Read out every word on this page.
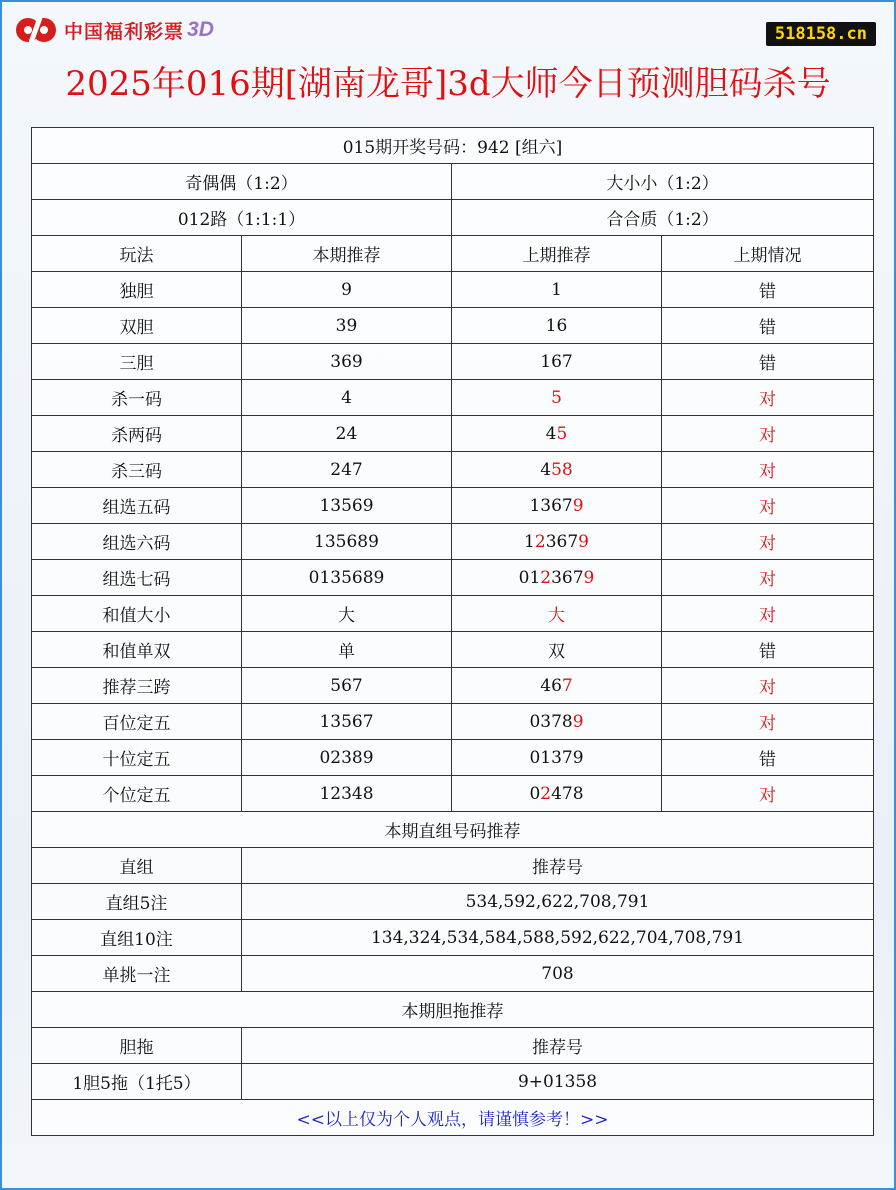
中国福利彩票 3D	518158.cn
2025年016期[湖南龙哥]3d大师今日预测胆码杀号
015期开奖号码：942 [组六]			
奇偶偶（1:2）		大小小（1:2）	
012路（1:1:1）		合合质（1:2）	
玩法	本期推荐	上期推荐	上期情况
独胆	9	1	错
双胆	39	16	错
三胆	369	167	错
杀一码	4	5	对
杀两码	24	45	对
杀三码	247	458	对
组选五码	13569	13679	对
组选六码	135689	123679	对
组选七码	0135689	0123679	对
和值大小	大	大	对
和值单双	单	双	错
推荐三跨	567	467	对
百位定五	13567	03789	对
十位定五	02389	01379	错
个位定五	12348	02478	对
本期直组号码推荐			
直组	推荐号		
直组5注	534,592,622,708,791		
直组10注	134,324,534,584,588,592,622,704,708,791		
单挑一注	708		
本期胆拖推荐			
胆拖	推荐号		
1胆5拖（1托5）	9+01358		
<<以上仅为个人观点，请谨慎参考！>>			
